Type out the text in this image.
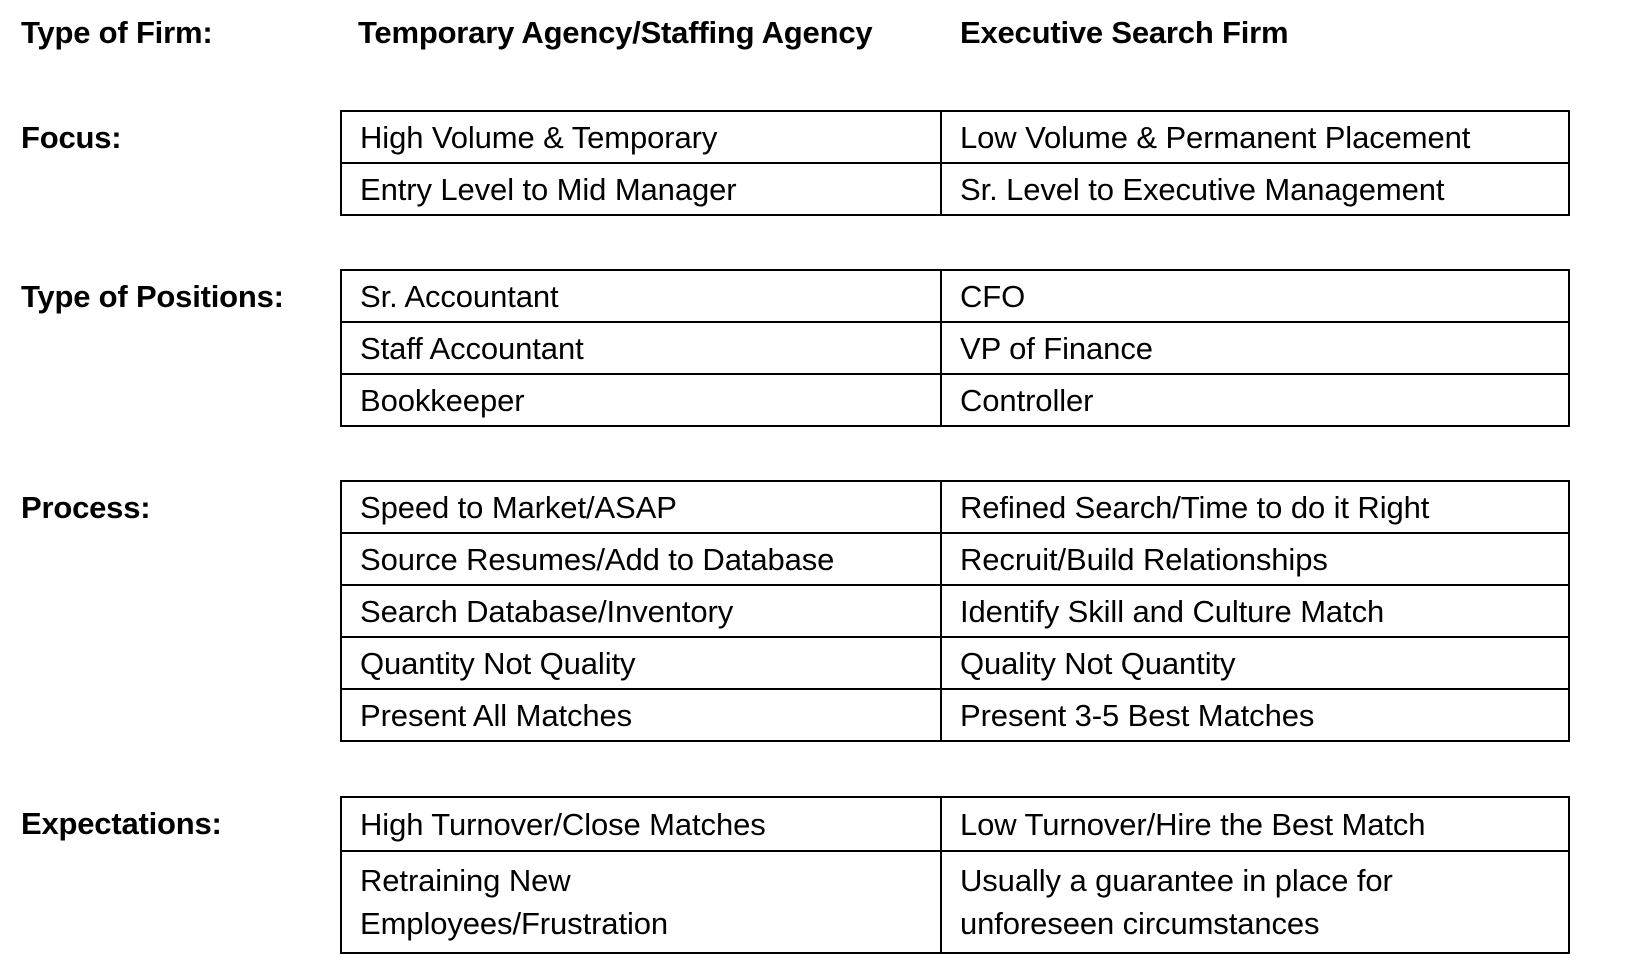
Type of Firm:	Temporary Agency/Staffing Agency	Executive Search Firm
Focus:	High Volume & Temporary	Low Volume & Permanent Placement
Entry Level to Mid Manager	Sr. Level to Executive Management
Type of Positions: Sr. Accountant	CFO
Staff Accountant	VP of Finance
Bookkeeper	Controller
Process:	Speed to Market/ASAP	Refined Search/Time to do it Right
Source Resumes/Add to Database	Recruit/Build Relationships
Search Database/Inventory	Identify Skill and Culture Match
Quantity Not Quality	Quality Not Quantity
Present All Matches	Present 3-5 Best Matches
Expectations:	High Turnover/Close Matches	Low Turnover/Hire the Best Match
Retraining New Employees/Frustration	Usually a guarantee in place for unforeseen circumstances
